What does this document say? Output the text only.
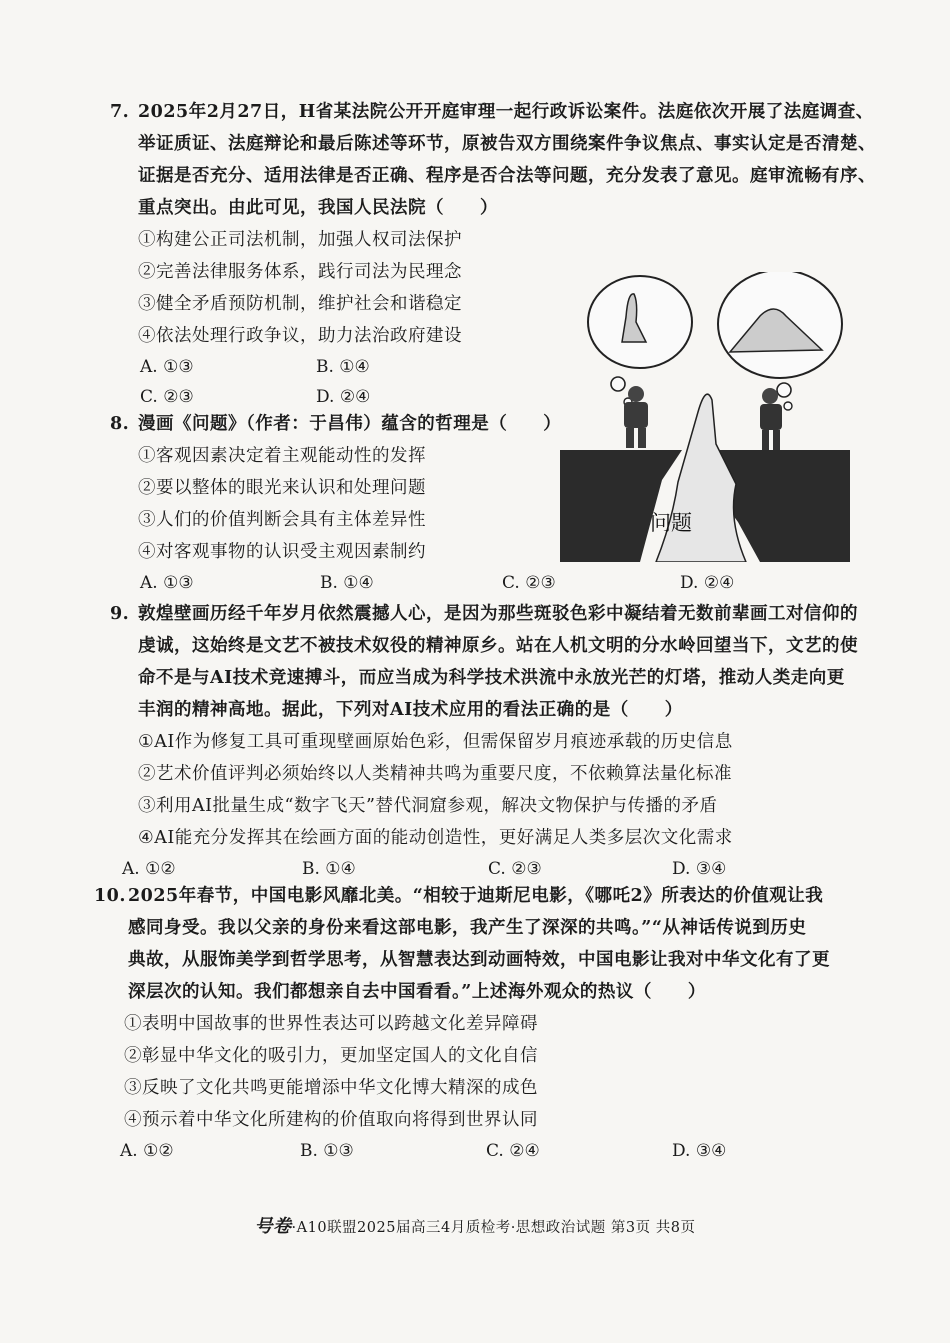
7. 2025年2月27日，H省某法院公开开庭审理一起行政诉讼案件。法庭依次开展了法庭调查、
举证质证、法庭辩论和最后陈述等环节，原被告双方围绕案件争议焦点、事实认定是否清楚、
证据是否充分、适用法律是否正确、程序是否合法等问题，充分发表了意见。庭审流畅有序、
重点突出。由此可见，我国人民法院（　　）
①构建公正司法机制，加强人权司法保护
②完善法律服务体系，践行司法为民理念
③健全矛盾预防机制，维护社会和谐稳定
④依法处理行政争议，助力法治政府建设
A. ①③	B. ①④
C. ②③	D. ②④
8. 漫画《问题》（作者：于昌伟）蕴含的哲理是（　　）
①客观因素决定着主观能动性的发挥
②要以整体的眼光来认识和处理问题
③人们的价值判断会具有主体差异性
④对客观事物的认识受主观因素制约
A. ①③	B. ①④	C. ②③	D. ②④
问题
9. 敦煌壁画历经千年岁月依然震撼人心，是因为那些斑驳色彩中凝结着无数前辈画工对信仰的
虔诚，这始终是文艺不被技术奴役的精神原乡。站在人机文明的分水岭回望当下，文艺的使
命不是与AI技术竞速搏斗，而应当成为科学技术洪流中永放光芒的灯塔，推动人类走向更
丰润的精神高地。据此，下列对AI技术应用的看法正确的是（　　）
①AI作为修复工具可重现壁画原始色彩，但需保留岁月痕迹承载的历史信息
②艺术价值评判必须始终以人类精神共鸣为重要尺度，不依赖算法量化标准
③利用AI批量生成“数字飞天”替代洞窟参观，解决文物保护与传播的矛盾
④AI能充分发挥其在绘画方面的能动创造性，更好满足人类多层次文化需求
A. ①②	B. ①④	C. ②③	D. ③④
10. 2025年春节，中国电影风靡北美。“相较于迪斯尼电影，《哪吒2》所表达的价值观让我
感同身受。我以父亲的身份来看这部电影，我产生了深深的共鸣。”“从神话传说到历史
典故，从服饰美学到哲学思考，从智慧表达到动画特效，中国电影让我对中华文化有了更
深层次的认知。我们都想亲自去中国看看。”上述海外观众的热议（　　）
①表明中国故事的世界性表达可以跨越文化差异障碍
②彰显中华文化的吸引力，更加坚定国人的文化自信
③反映了文化共鸣更能增添中华文化博大精深的成色
④预示着中华文化所建构的价值取向将得到世界认同
A. ①②	B. ①③	C. ②④	D. ③④
号卷·A10联盟2025届高三4月质检考·思想政治试题 第3页 共8页
